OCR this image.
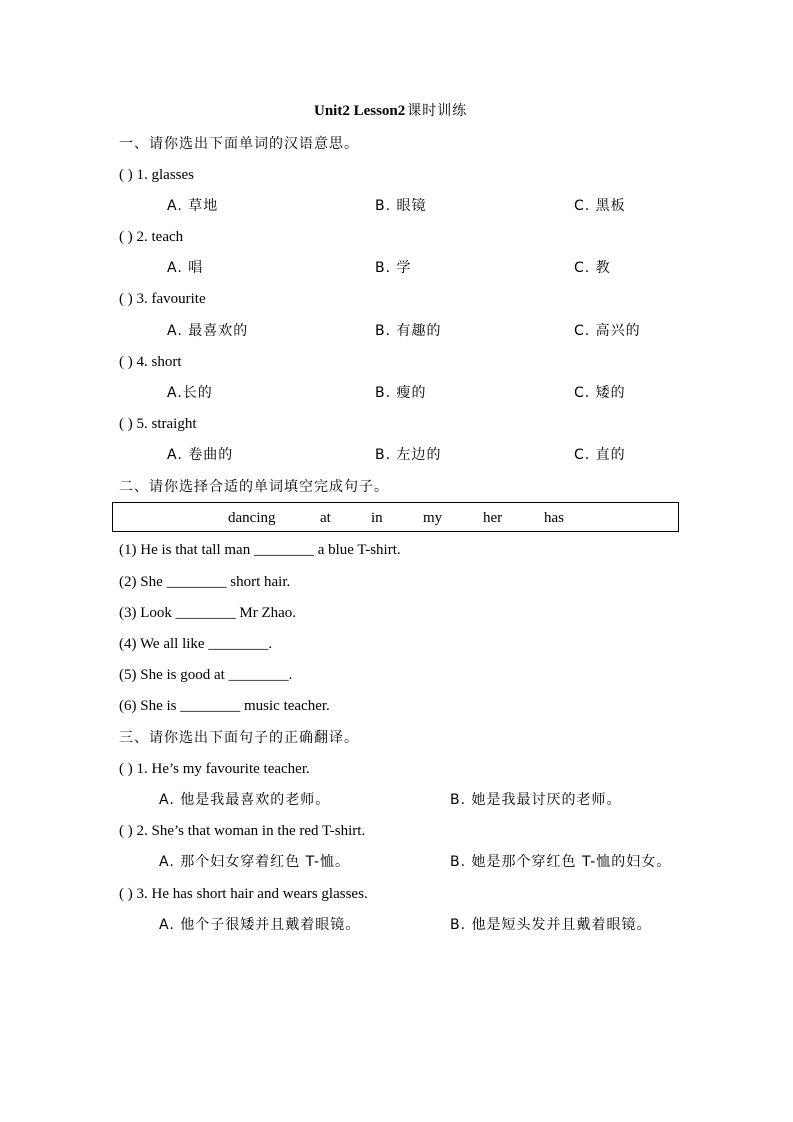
Unit2 Lesson2 课时训练
一、请你选出下面单词的汉语意思。
( ) 1. glasses
A. 草地	B. 眼镜	C. 黑板
( ) 2. teach
A. 唱	B. 学	C. 教
( ) 3. favourite
A. 最喜欢的	B. 有趣的	C. 高兴的
( ) 4. short
A.长的	B. 瘦的	C. 矮的
( ) 5. straight
A. 卷曲的	B. 左边的	C. 直的
二、请你选择合适的单词填空完成句子。
dancing	at	in	my	her	has
(1) He is that tall man ________ a blue T-shirt.
(2) She ________ short hair.
(3) Look ________ Mr Zhao.
(4) We all like ________.
(5) She is good at ________.
(6) She is ________ music teacher.
三、请你选出下面句子的正确翻译。
( ) 1. He’s my favourite teacher.
A. 他是我最喜欢的老师。	B. 她是我最讨厌的老师。
( ) 2. She’s that woman in the red T-shirt.
A. 那个妇女穿着红色 T-恤。	B. 她是那个穿红色 T-恤的妇女。
( ) 3. He has short hair and wears glasses.
A. 他个子很矮并且戴着眼镜。	B. 他是短头发并且戴着眼镜。
